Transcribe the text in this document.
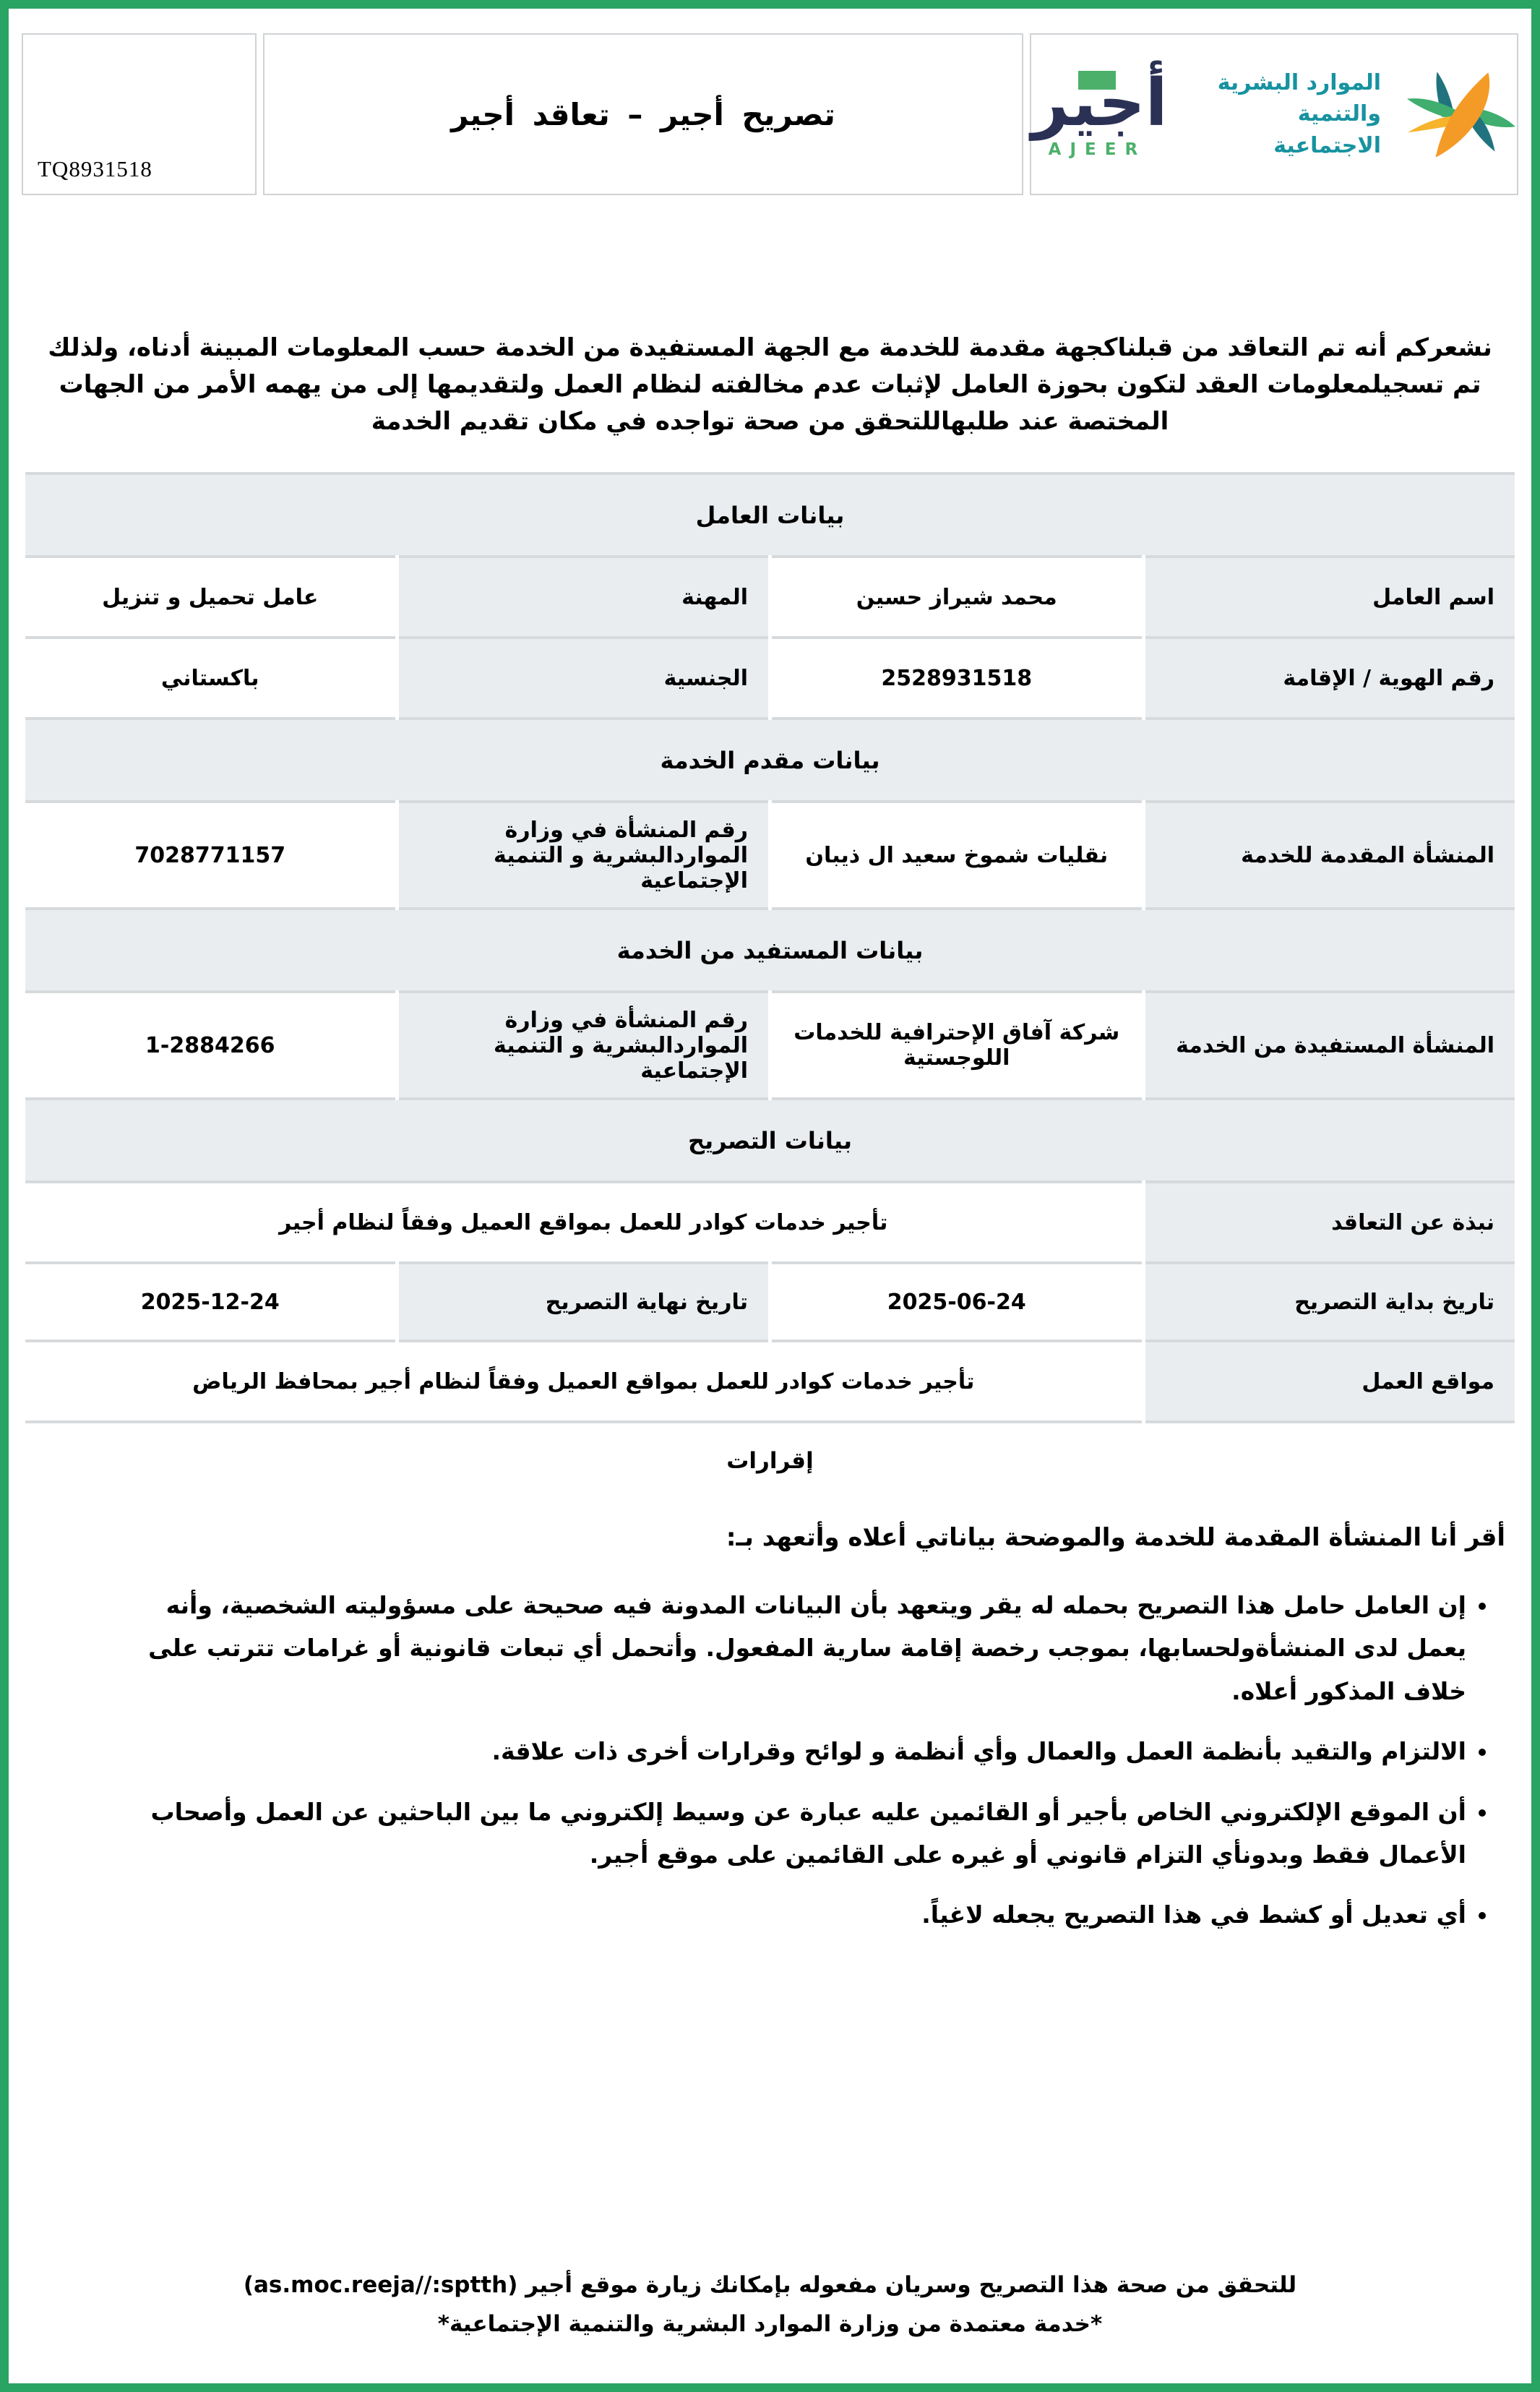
TQ8931518
تصريح أجير – تعاقد أجير	أجير
AJEER
الموارد البشرية
والتنمية الاجتماعية

نشعركم أنه تم التعاقد من قبلناكجهة مقدمة للخدمة مع الجهة المستفيدة من الخدمة حسب المعلومات المبينة أدناه، ولذلك تم تسجيلمعلومات العقد لتكون بحوزة العامل لإثبات عدم مخالفته لنظام العمل ولتقديمها إلى من يهمه الأمر من الجهات المختصة عند طلبهاللتحقق من صحة تواجده في مكان تقديم الخدمة

بيانات العامل			
اسم العامل	محمد شيراز حسين	المهنة	عامل تحميل و تنزيل
رقم الهوية / الإقامة	2528931518	الجنسية	باكستاني
بيانات مقدم الخدمة			
المنشأة المقدمة للخدمة	نقليات شموخ سعيد ال ذيبان	رقم المنشأة في وزارة المواردالبشرية و التنمية الإجتماعية	7028771157
بيانات المستفيد من الخدمة			
المنشأة المستفيدة من الخدمة	شركة آفاق الإحترافية للخدمات اللوجستية	رقم المنشأة في وزارة المواردالبشرية و التنمية الإجتماعية	1-2884266
بيانات التصريح			
نبذة عن التعاقد	تأجير خدمات كوادر للعمل بمواقع العميل وفقاً لنظام أجير		
تاريخ بداية التصريح	2025-06-24	تاريخ نهاية التصريح	2025-12-24
مواقع العمل	تأجير خدمات كوادر للعمل بمواقع العميل وفقاً لنظام أجير بمحافظ الرياض		
إقرارات

أقر أنا المنشأة المقدمة للخدمة والموضحة بياناتي أعلاه وأتعهد بـ:

• إن العامل حامل هذا التصريح بحمله له يقر ويتعهد بأن البيانات المدونة فيه صحيحة على مسؤوليته الشخصية، وأنه يعمل لدى المنشأةولحسابها، بموجب رخصة إقامة سارية المفعول. وأتحمل أي تبعات قانونية أو غرامات تترتب على خلاف المذكور أعلاه.
• الالتزام والتقيد بأنظمة العمل والعمال وأي أنظمة و لوائح وقرارات أخرى ذات علاقة.
• أن الموقع الإلكتروني الخاص بأجير أو القائمين عليه عبارة عن وسيط إلكتروني ما بين الباحثين عن العمل وأصحاب الأعمال فقط وبدونأي التزام قانوني أو غيره على القائمين على موقع أجير.
• أي تعديل أو كشط في هذا التصريح يجعله لاغياً.

للتحقق من صحة هذا التصريح وسريان مفعوله بإمكانك زيارة موقع أجير (as.moc.reeja//:sptth)

*خدمة معتمدة من وزارة الموارد البشرية والتنمية الإجتماعية*
